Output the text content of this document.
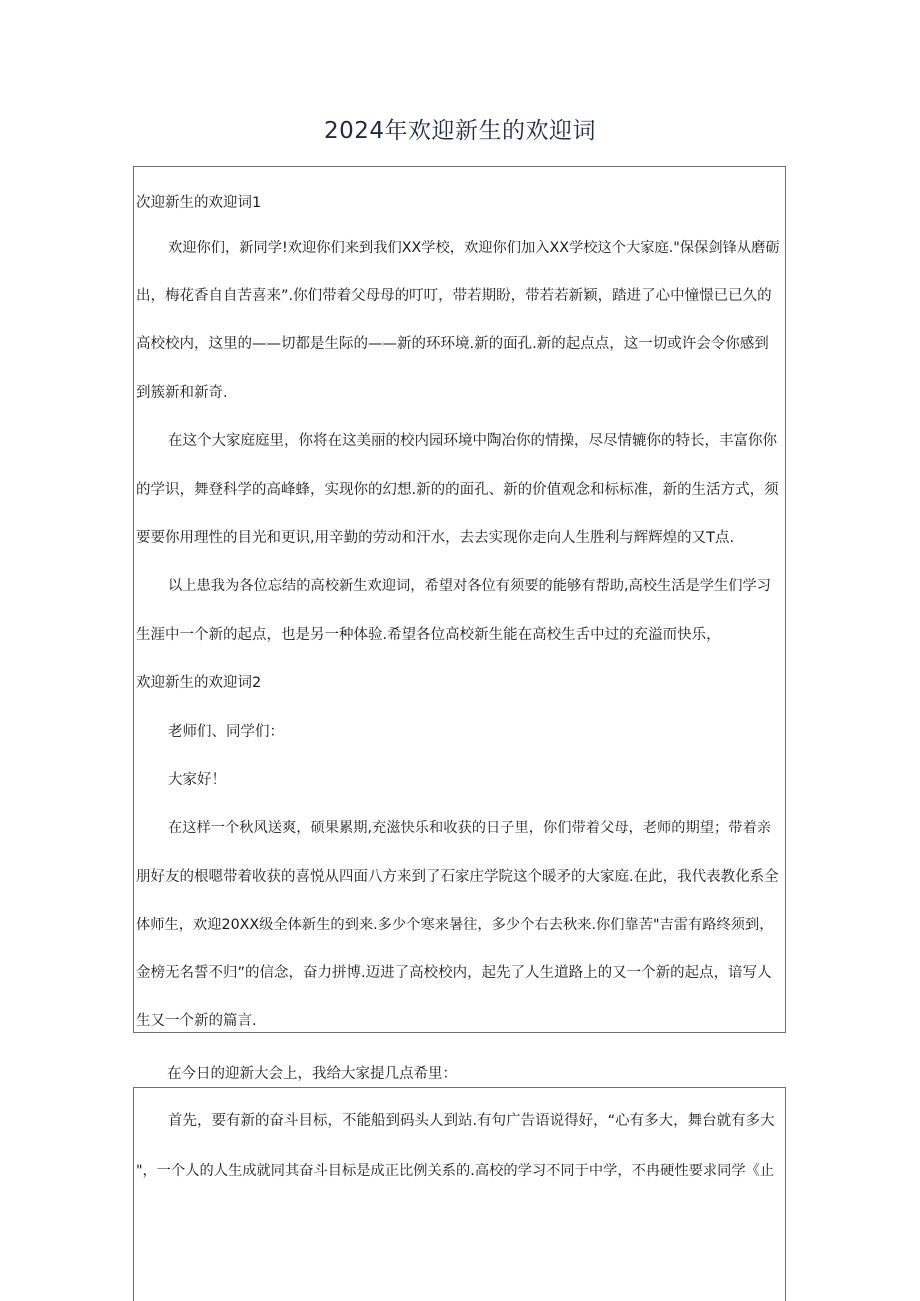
2024年欢迎新生的欢迎词
次迎新生的欢迎词1
欢迎你们，新同学!欢迎你们来到我们XX学校，欢迎你们加入XX学校这个大家庭."保保剑锋从磨砺
出，梅花香自自苦喜来”.你们带着父母母的叮叮，带若期盼，带若若新颖，踏进了心中憧憬已已久的
高校校内，这里的——切都是生际的——新的环环境.新的面孔.新的起点点，这一切或许会令你感到
到簇新和新奇.
在这个大家庭庭里，你将在这美丽的校内园环境中陶冶你的情操，尽尽情辘你的特长，丰富你你
的学识，舞登科学的高峰蜂，实现你的幻想.新的的面孔、新的价值观念和标标准，新的生活方式，须
要要你用理性的目光和更识,用辛勤的劳动和汗水，去去实现你走向人生胜利与辉辉煌的又T点.
以上患我为各位忘结的高校新生欢迎词，希望对各位有须要的能够有帮助,高校生活是学生们学习
生涯中一个新的起点，也是另一种体验.希望各位高校新生能在高校生舌中过的充溢而快乐，
欢迎新生的欢迎词2
老师们、同学们：
大家好！
在这样一个秋风送爽，硕果累期,充滋快乐和收获的日子里，你们带着父母，老师的期望；带着亲
朋好友的根嗯带着收获的喜悦从四面八方来到了石家庄学院这个暖矛的大家庭.在此，我代表教化系全
体师生，欢迎20XX级全体新生的到来.多少个寒来暑往，多少个右去秋来.你们靠苦"吉雷有路终须到，
金榜无名誓不归”的信念，奋力拼博.迈进了高校校内，起先了人生道路上的又一个新的起点，谙写人
生又一个新的篇言.
在今日的迎新大会上，我给大家提几点希里：
首先，要有新的奋斗目标，不能船到码头人到站.有句广告语说得好，“心有多大，舞台就有多大
"，一个人的人生成就同其奋斗目标是成正比例关系的.高校的学习不同于中学，不冉硬性要求同学《止
